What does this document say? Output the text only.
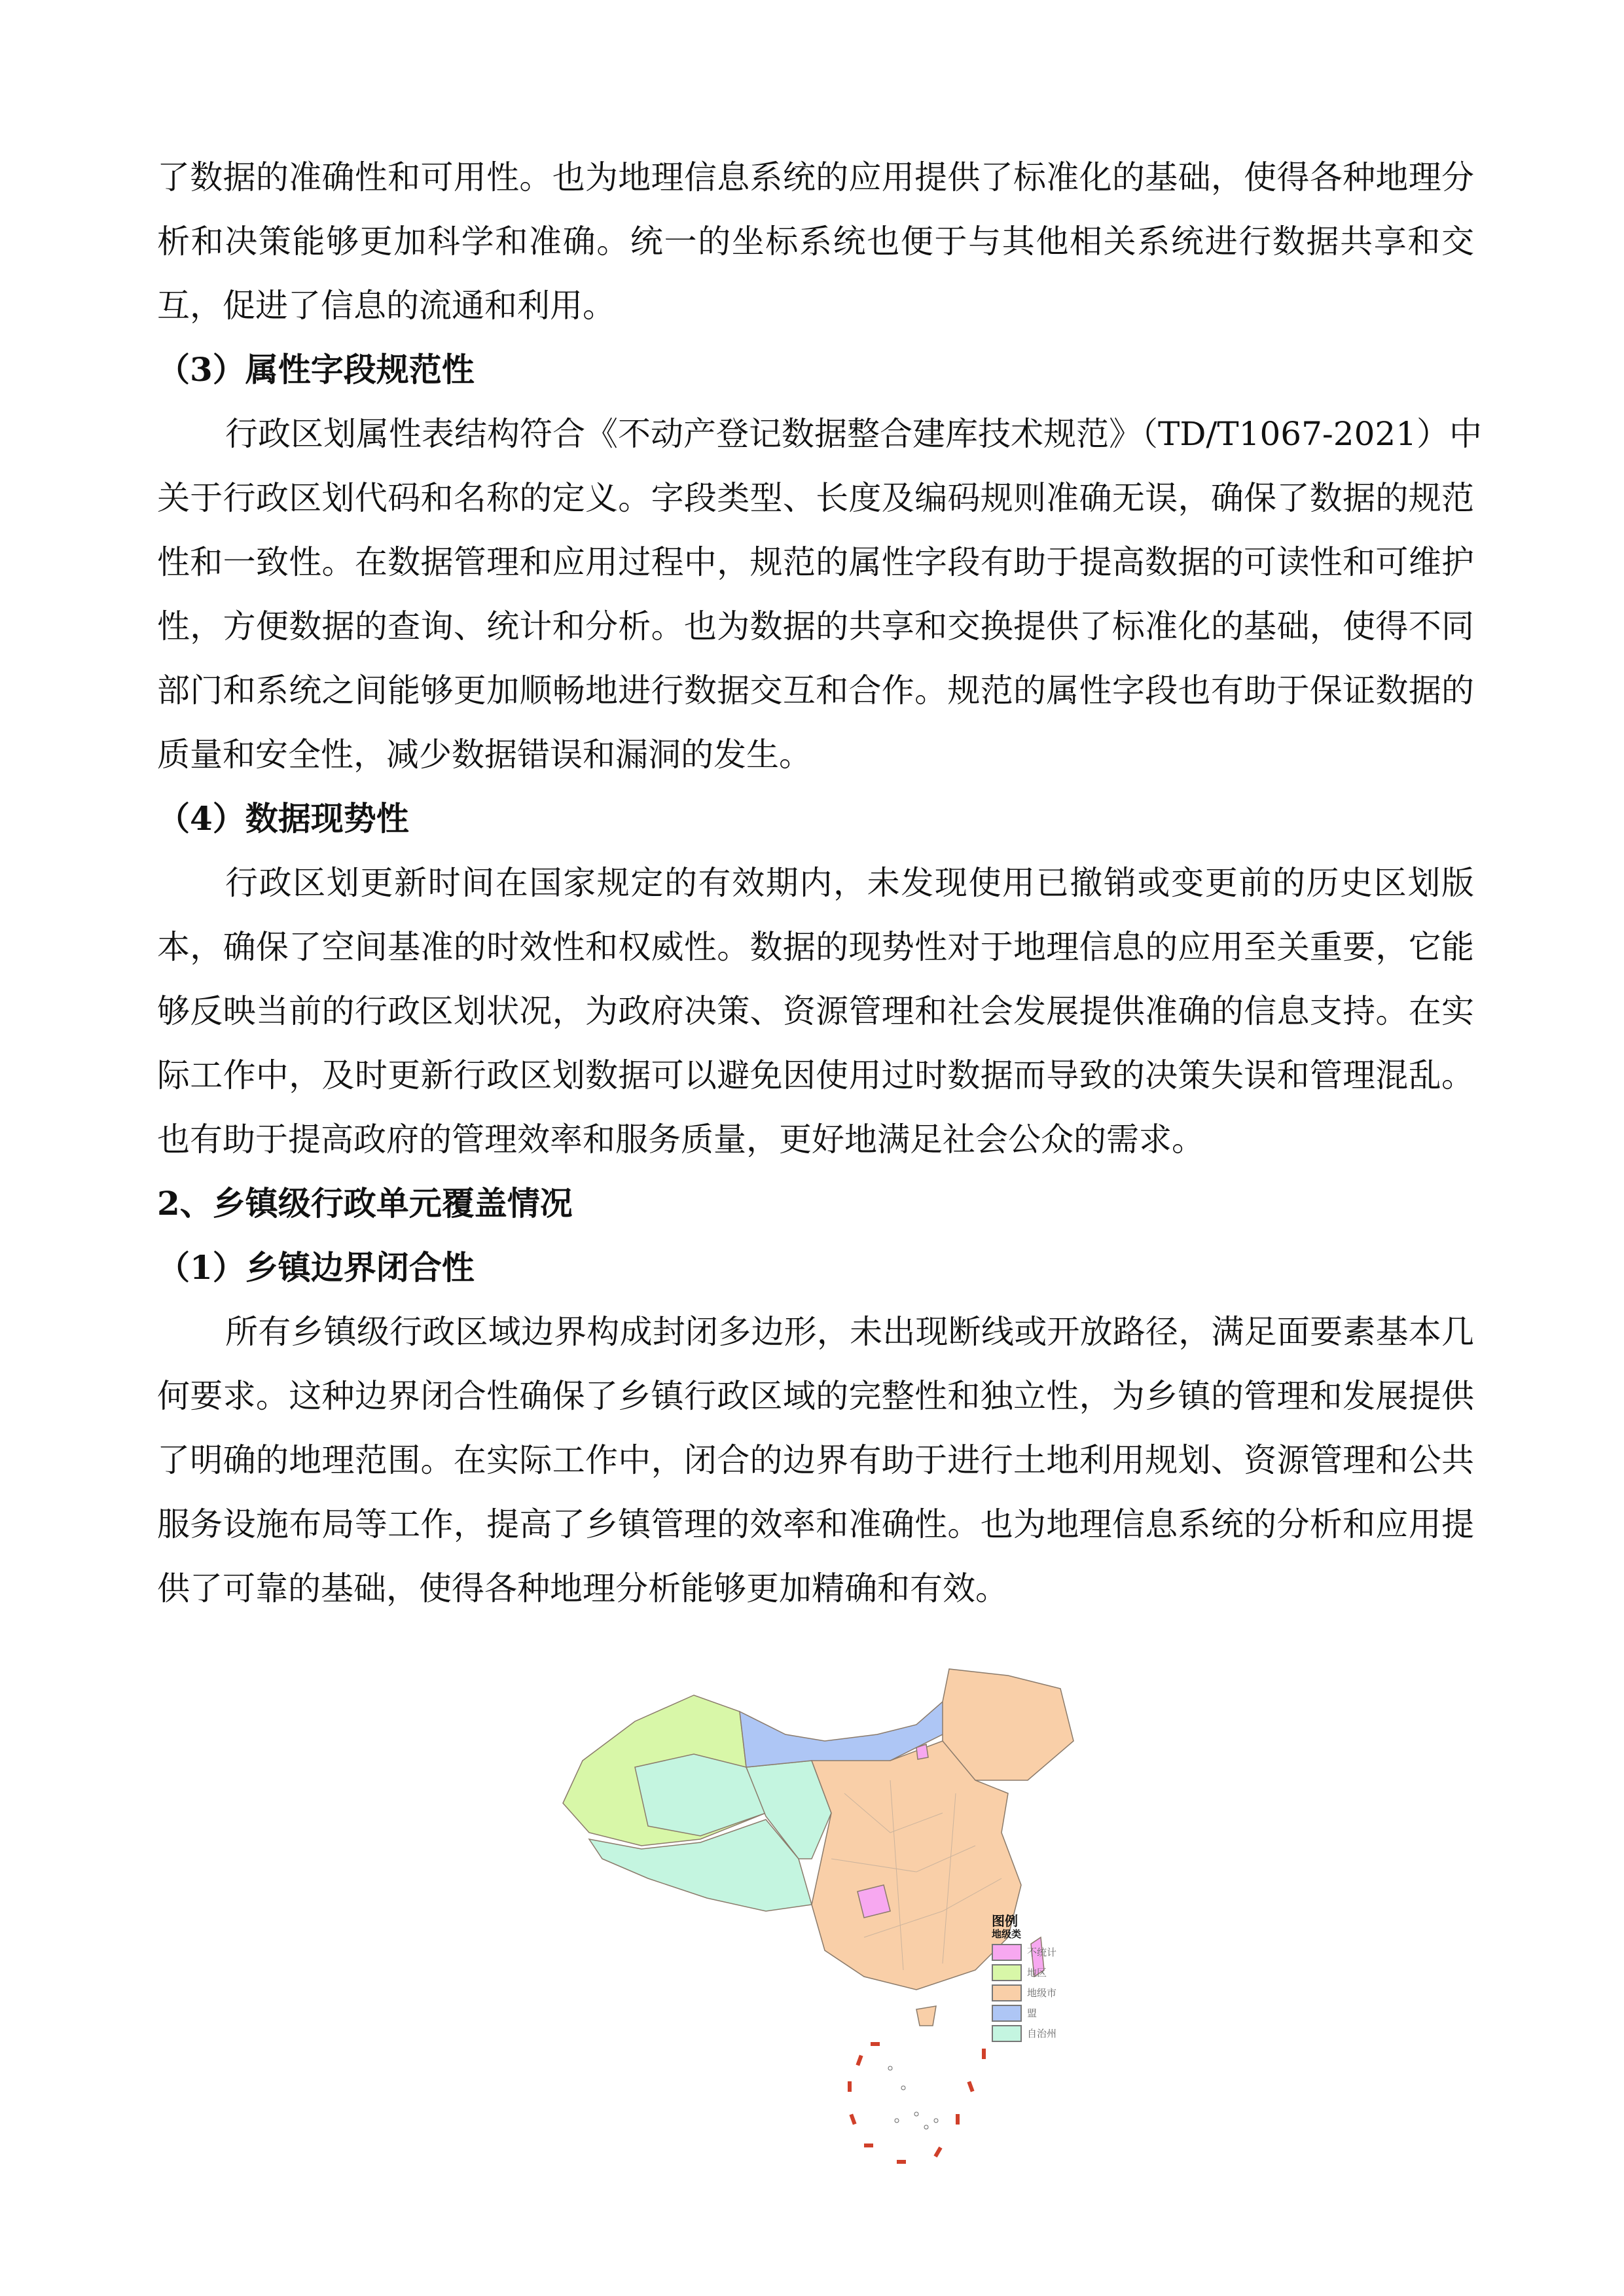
了数据的准确性和可用性。也为地理信息系统的应用提供了标准化的基础，使得各种地理分
析和决策能够更加科学和准确。统一的坐标系统也便于与其他相关系统进行数据共享和交
互，促进了信息的流通和利用。
（3）属性字段规范性
行政区划属性表结构符合《不动产登记数据整合建库技术规范》（TD/T1067-2021）中
关于行政区划代码和名称的定义。字段类型、长度及编码规则准确无误，确保了数据的规范
性和一致性。在数据管理和应用过程中，规范的属性字段有助于提高数据的可读性和可维护
性，方便数据的查询、统计和分析。也为数据的共享和交换提供了标准化的基础，使得不同
部门和系统之间能够更加顺畅地进行数据交互和合作。规范的属性字段也有助于保证数据的
质量和安全性，减少数据错误和漏洞的发生。
（4）数据现势性
行政区划更新时间在国家规定的有效期内，未发现使用已撤销或变更前的历史区划版
本，确保了空间基准的时效性和权威性。数据的现势性对于地理信息的应用至关重要，它能
够反映当前的行政区划状况，为政府决策、资源管理和社会发展提供准确的信息支持。在实
际工作中，及时更新行政区划数据可以避免因使用过时数据而导致的决策失误和管理混乱。
也有助于提高政府的管理效率和服务质量，更好地满足社会公众的需求。
2、乡镇级行政单元覆盖情况
（1）乡镇边界闭合性
所有乡镇级行政区域边界构成封闭多边形，未出现断线或开放路径，满足面要素基本几
何要求。这种边界闭合性确保了乡镇行政区域的完整性和独立性，为乡镇的管理和发展提供
了明确的地理范围。在实际工作中，闭合的边界有助于进行土地利用规划、资源管理和公共
服务设施布局等工作，提高了乡镇管理的效率和准确性。也为地理信息系统的分析和应用提
供了可靠的基础，使得各种地理分析能够更加精确和有效。
图例
地级类
不统计
地区
地级市
盟
自治州
